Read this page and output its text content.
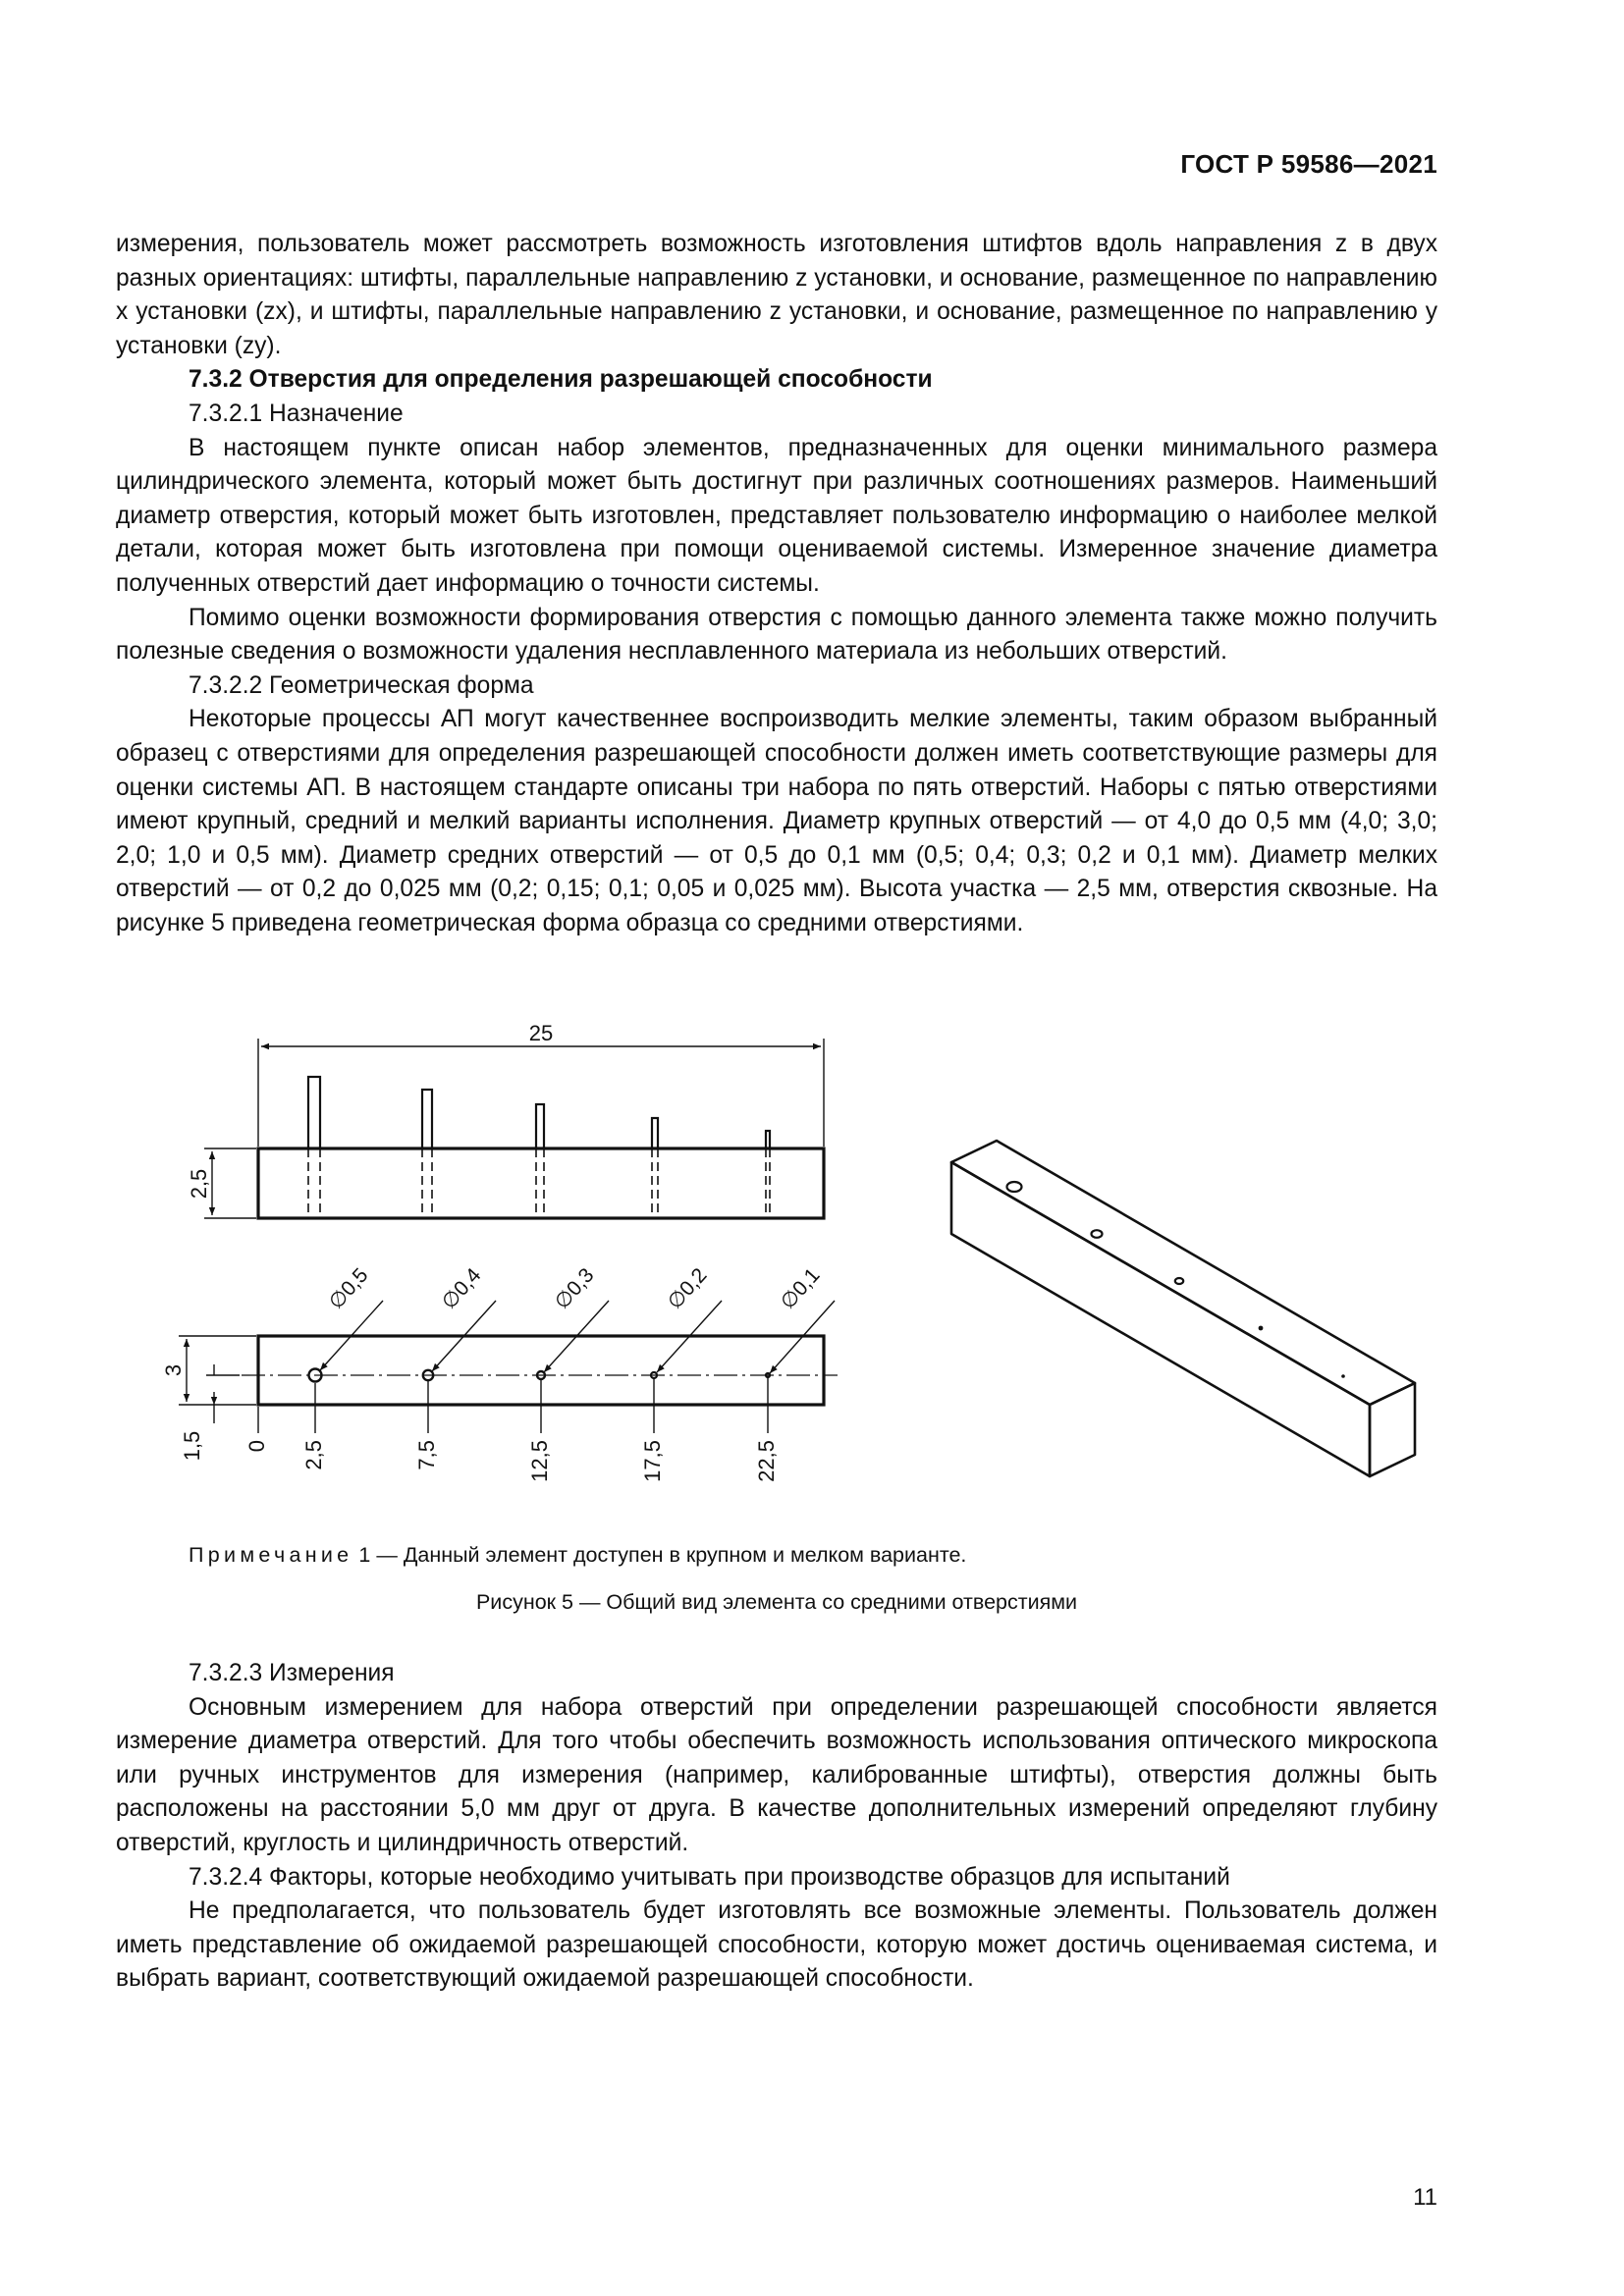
ГОСТ Р 59586—2021

измерения, пользователь может рассмотреть возможность изготовления штифтов вдоль направления z в двух разных ориентациях: штифты, параллельные направлению z установки, и основание, размещенное по направлению x установки (zx), и штифты, параллельные направлению z установки, и основание, размещенное по направлению y установки (zy).

7.3.2 Отверстия для определения разрешающей способности

7.3.2.1 Назначение

В настоящем пункте описан набор элементов, предназначенных для оценки минимального размера цилиндрического элемента, который может быть достигнут при различных соотношениях размеров. Наименьший диаметр отверстия, который может быть изготовлен, представляет пользователю информацию о наиболее мелкой детали, которая может быть изготовлена при помощи оцениваемой системы. Измеренное значение диаметра полученных отверстий дает информацию о точности системы.

Помимо оценки возможности формирования отверстия с помощью данного элемента также можно получить полезные сведения о возможности удаления несплавленного материала из небольших отверстий.

7.3.2.2 Геометрическая форма

Некоторые процессы АП могут качественнее воспроизводить мелкие элементы, таким образом выбранный образец с отверстиями для определения разрешающей способности должен иметь соответствующие размеры для оценки системы АП. В настоящем стандарте описаны три набора по пять отверстий. Наборы с пятью отверстиями имеют крупный, средний и мелкий варианты исполнения. Диаметр крупных отверстий — от 4,0 до 0,5 мм (4,0; 3,0; 2,0; 1,0 и 0,5 мм). Диаметр средних отверстий — от 0,5 до 0,1 мм (0,5; 0,4; 0,3; 0,2 и 0,1 мм). Диаметр мелких отверстий — от 0,2 до 0,025 мм (0,2; 0,15; 0,1; 0,05 и 0,025 мм). Высота участка — 2,5 мм, отверстия сквозные. На рисунке 5 приведена геометрическая форма образца со средними отверстиями.

25
2,5
3
1,5 0 2,5	7,5	12,5	17,5	22,5
∅0,5	∅0,4	∅0,3	∅0,2	∅0,1
Примечание 1 — Данный элемент доступен в крупном и мелком варианте.
Рисунок 5 — Общий вид элемента со средними отверстиями

7.3.2.3 Измерения

Основным измерением для набора отверстий при определении разрешающей способности является измерение диаметра отверстий. Для того чтобы обеспечить возможность использования оптического микроскопа или ручных инструментов для измерения (например, калиброванные штифты), отверстия должны быть расположены на расстоянии 5,0 мм друг от друга. В качестве дополнительных измерений определяют глубину отверстий, круглость и цилиндричность отверстий.

7.3.2.4 Факторы, которые необходимо учитывать при производстве образцов для испытаний

Не предполагается, что пользователь будет изготовлять все возможные элементы. Пользователь должен иметь представление об ожидаемой разрешающей способности, которую может достичь оцениваемая система, и выбрать вариант, соответствующий ожидаемой разрешающей способности.

11
